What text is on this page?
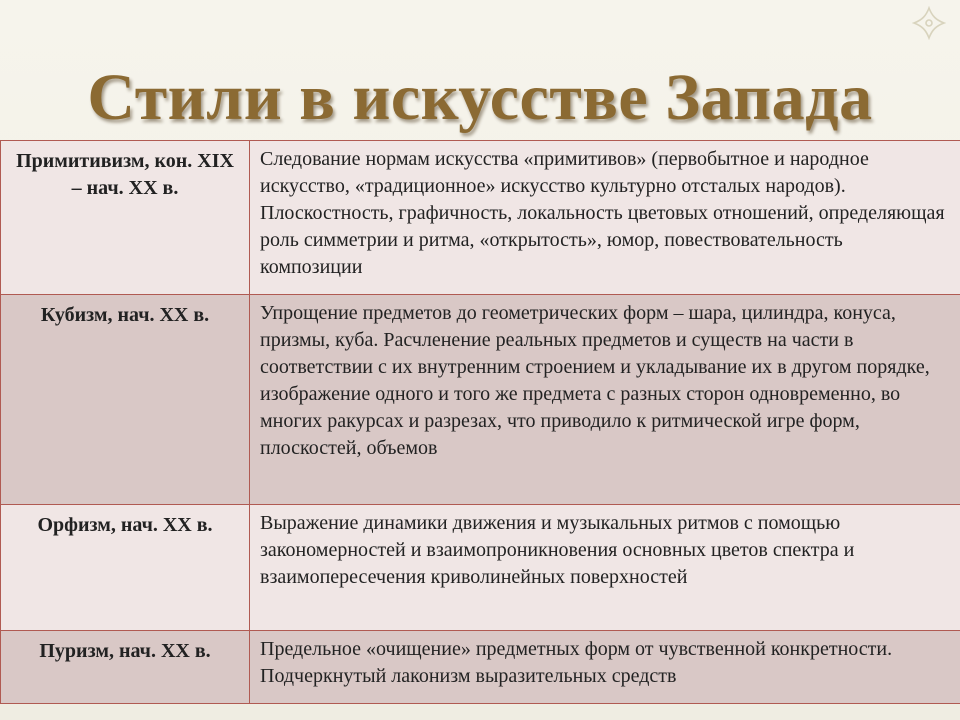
Стили в искусстве Запада
Примитивизм, кон. XIX – нач. XX в.	Следование нормам искусства «примитивов» (первобытное и народное искусство, «традиционное» искусство культурно отсталых народов). Плоскостность, графичность, локальность цветовых отношений, определяющая роль симметрии и ритма, «открытость», юмор, повествовательность композиции
Кубизм, нач. XX в.	Упрощение предметов до геометрических форм – шара, цилиндра, конуса, призмы, куба. Расчленение реальных предметов и существ на части в соответствии с их внутренним строением и укладывание их в другом порядке, изображение одного и того же предмета с разных сторон одновременно, во многих ракурсах и разрезах, что приводило к ритмической игре форм, плоскостей, объемов
Орфизм, нач. XX в.	Выражение динамики движения и музыкальных ритмов с помощью закономерностей и взаимопроникновения основных цветов спектра и взаимопересечения криволинейных поверхностей
Пуризм, нач. XX в.	Предельное «очищение» предметных форм от чувственной конкретности. Подчеркнутый лаконизм выразительных средств
